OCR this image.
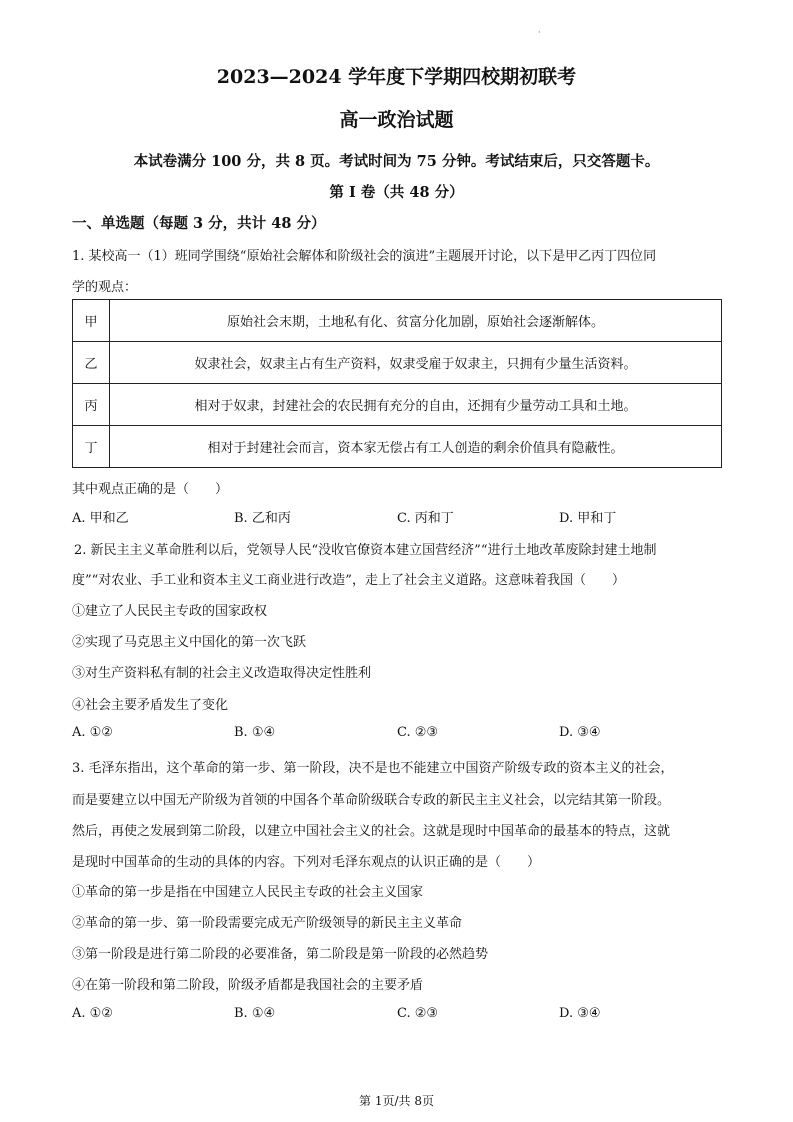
·
2023—2024 学年度下学期四校期初联考
高一政治试题
本试卷满分 100 分，共 8 页。考试时间为 75 分钟。考试结束后，只交答题卡。
第 I 卷（共 48 分）
一、单选题（每题 3 分，共计 48 分）
1. 某校高一（1）班同学围绕“原始社会解体和阶级社会的演进”主题展开讨论，以下是甲乙丙丁四位同
学的观点：
甲	原始社会末期，土地私有化、贫富分化加剧，原始社会逐渐解体。
乙	奴隶社会，奴隶主占有生产资料，奴隶受雇于奴隶主，只拥有少量生活资料。
丙	相对于奴隶，封建社会的农民拥有充分的自由，还拥有少量劳动工具和土地。
丁	相对于封建社会而言，资本家无偿占有工人创造的剩余价值具有隐蔽性。
其中观点正确的是（　　）
A. 甲和乙	B. 乙和丙	C. 丙和丁	D. 甲和丁
2. 新民主主义革命胜利以后，党领导人民“没收官僚资本建立国营经济”“进行土地改革废除封建土地制
度”“对农业、手工业和资本主义工商业进行改造”，走上了社会主义道路。这意味着我国（　　）
①建立了人民民主专政的国家政权
②实现了马克思主义中国化的第一次飞跃
③对生产资料私有制的社会主义改造取得决定性胜利
④社会主要矛盾发生了变化
A. ①②	B. ①④	C. ②③	D. ③④
3. 毛泽东指出，这个革命的第一步、第一阶段，决不是也不能建立中国资产阶级专政的资本主义的社会，
而是要建立以中国无产阶级为首领的中国各个革命阶级联合专政的新民主主义社会，以完结其第一阶段。
然后，再使之发展到第二阶段，以建立中国社会主义的社会。这就是现时中国革命的最基本的特点，这就
是现时中国革命的生动的具体的内容。下列对毛泽东观点的认识正确的是（　　）
①革命的第一步是指在中国建立人民民主专政的社会主义国家
②革命的第一步、第一阶段需要完成无产阶级领导的新民主主义革命
③第一阶段是进行第二阶段的必要准备，第二阶段是第一阶段的必然趋势
④在第一阶段和第二阶段，阶级矛盾都是我国社会的主要矛盾
A. ①②	B. ①④	C. ②③	D. ③④
第 1页/共 8页
